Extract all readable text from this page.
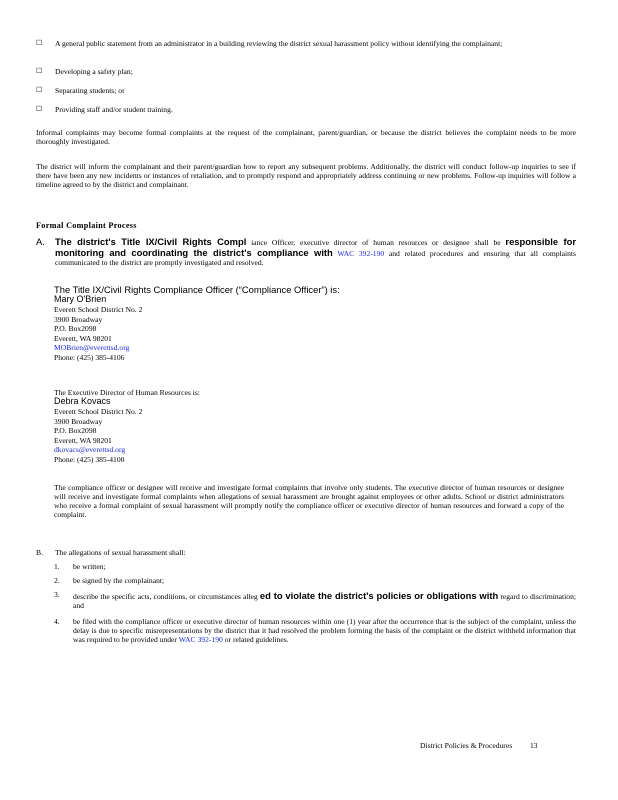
☐	A general public statement from an administrator in a building reviewing the district sexual harassment policy without identifying the complainant;
☐	Developing a safety plan;
☐	Separating students; or
☐	Providing staff and/or student training.
Informal complaints may become formal complaints at the request of the complainant, parent/guardian, or because the district believes the complaint needs to be more thoroughly investigated.
The district will inform the complainant and their parent/guardian how to report any subsequent problems. Additionally, the district will conduct follow-up inquiries to see if there have been any new incidents or instances of retaliation, and to promptly respond and appropriately address continuing or new problems. Follow-up inquiries will follow a timeline agreed to by the district and complainant.
Formal Complaint Process
A. The district's Title IX/Civil Rights Compl iance Officer, executive director of human resources or designee shall be responsible for monitoring and coordinating the district's compliance with WAC 392-190 and related procedures and ensuring that all complaints communicated to the district are promptly investigated and resolved.
The Title IX/Civil Rights Compliance Officer (“Compliance Officer”) is:
Mary O'Brien
Everett School District No. 2
3900 Broadway
P.O. Box2098
Everett, WA 98201
MOBrien@everettsd.org
Phone: (425) 385-4106
The Executive Director of Human Resources is:
Debra Kovacs
Everett School District No. 2
3900 Broadway
P.O. Box2098
Everett, WA 98201
dkovacs@everettsd.org
Phone: (425) 385-4100
The compliance officer or designee will receive and investigate formal complaints that involve only students. The executive director of human resources or designee will receive and investigate formal complaints when allegations of sexual harassment are brought against employees or other adults. School or district administrators who receive a formal complaint of sexual harassment will promptly notify the compliance officer or executive director of human resources and forward a copy of the complaint.
B. The allegations of sexual harassment shall:
1.	be written;
2.	be signed by the complainant;
3.	describe the specific acts, conditions, or circumstances alleg ed to violate the district's policies or obligations with regard to discrimination; and
4.	be filed with the compliance officer or executive director of human resources within one (1) year after the occurrence that is the subject of the complaint, unless the delay is due to specific misrepresentations by the district that it had resolved the problem forming the basis of the complaint or the district withheld information that was required to be provided under WAC 392-190 or related guidelines.
District Policies & Procedures 13
